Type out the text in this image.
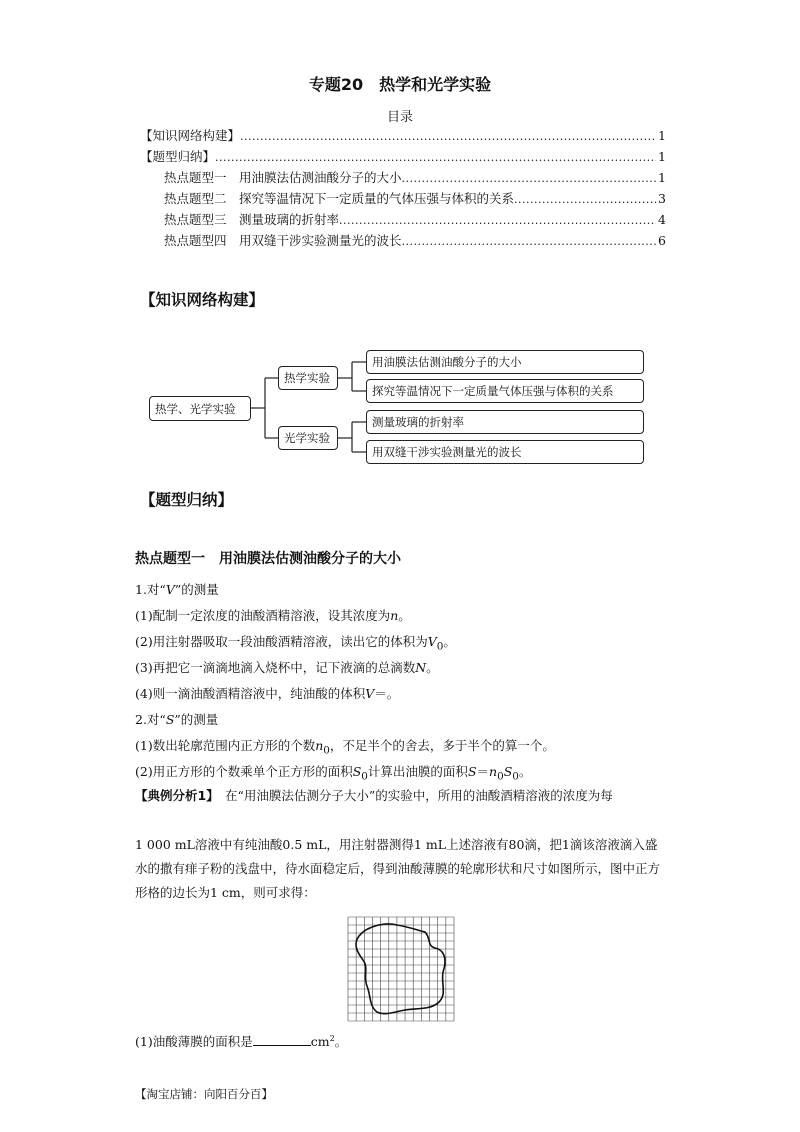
专题20　热学和光学实验
目录
【知识网络构建】 .....	1
【题型归纳】 .....	1
热点题型一　用油膜法估测油酸分子的大小 .....	1
热点题型二　探究等温情况下一定质量的气体压强与体积的关系 .....	3
热点题型三　测量玻璃的折射率 .....	4
热点题型四　用双缝干涉实验测量光的波长 .....	6
【知识网络构建】
热学、光学实验
热学实验
光学实验
用油膜法估测油酸分子的大小
探究等温情况下一定质量气体压强与体积的关系
测量玻璃的折射率
用双缝干涉实验测量光的波长
【题型归纳】
热点题型一　用油膜法估测油酸分子的大小
1.对“V”的测量
(1)配制一定浓度的油酸酒精溶液，设其浓度为n。
(2)用注射器吸取一段油酸酒精溶液，读出它的体积为$V_0$。
(3)再把它一滴滴地滴入烧杯中，记下液滴的总滴数N。
(4)则一滴油酸酒精溶液中，纯油酸的体积V＝。
2.对“S”的测量
(1)数出轮廓范围内正方形的个数$n_0$，不足半个的舍去，多于半个的算一个。
(2)用正方形的个数乘单个正方形的面积$S_0$计算出油膜的面积$S=n_0S_0$。
【典例分析1】　在“用油膜法估测分子大小”的实验中，所用的油酸酒精溶液的浓度为每
1 000 mL溶液中有纯油酸0.5 mL，用注射器测得1 mL上述溶液有80滴，把1滴该溶液滴入盛水的撒有痱子粉的浅盘中，待水面稳定后，得到油酸薄膜的轮廓形状和尺寸如图所示，图中正方形格的边长为1 cm，则可求得：
(1)油酸薄膜的面积是	$cm^2$。
【淘宝店铺：向阳百分百】
